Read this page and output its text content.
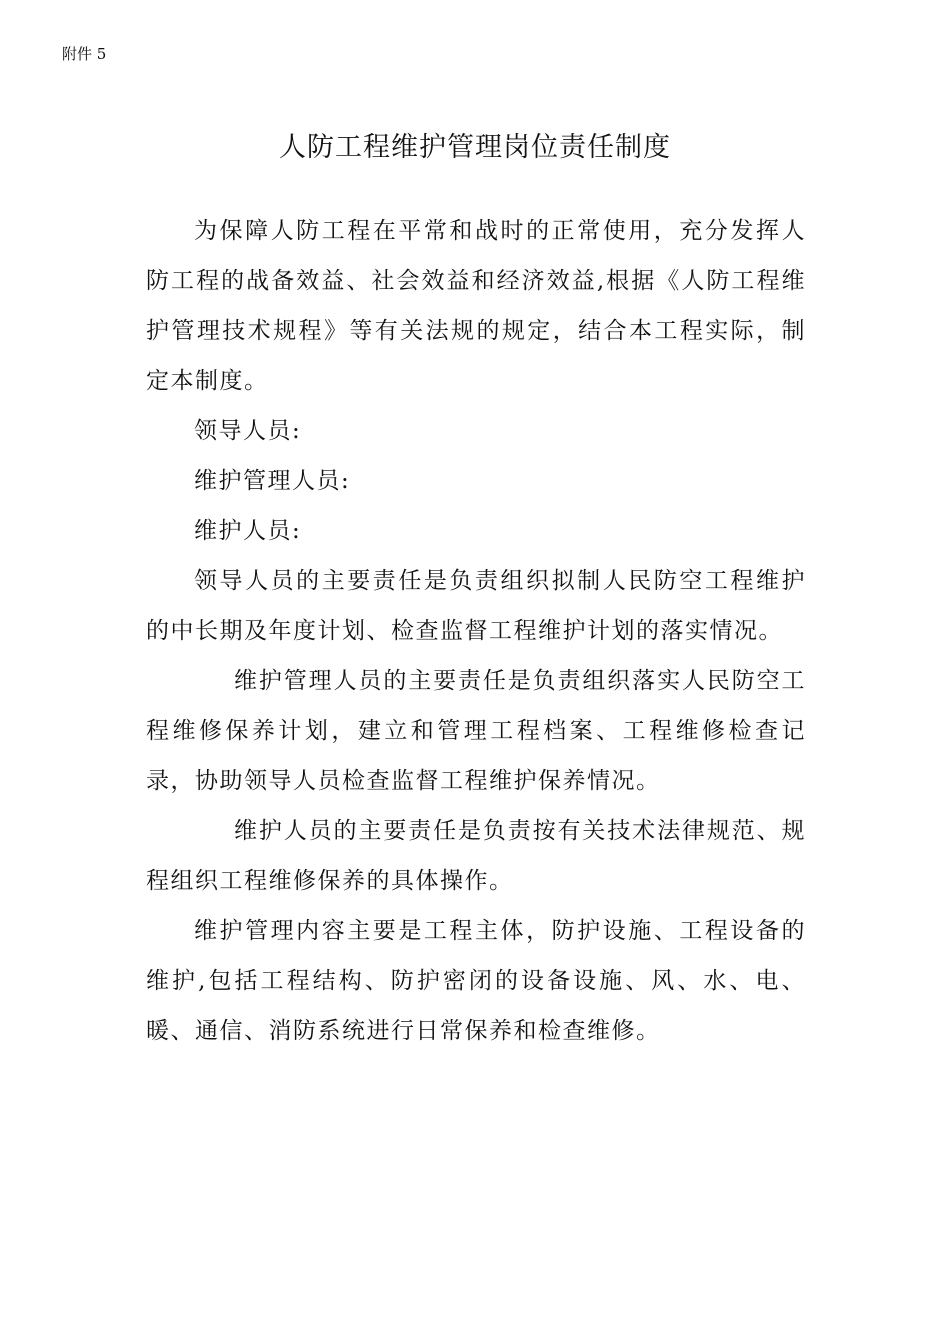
附件 5
人防工程维护管理岗位责任制度

为保障人防工程在平常和战时的正常使用，充分发挥人防工程的战备效益、社会效益和经济效益,根据《人防工程维护管理技术规程》等有关法规的规定，结合本工程实际，制定本制度。

领导人员:

维护管理人员:

维护人员:

领导人员的主要责任是负责组织拟制人民防空工程维护的中长期及年度计划、检查监督工程维护计划的落实情况。

维护管理人员的主要责任是负责组织落实人民防空工程维修保养计划，建立和管理工程档案、工程维修检查记录，协助领导人员检查监督工程维护保养情况。

维护人员的主要责任是负责按有关技术法律规范、规程组织工程维修保养的具体操作。

维护管理内容主要是工程主体，防护设施、工程设备的维护,包括工程结构、防护密闭的设备设施、风、水、电、暖、通信、消防系统进行日常保养和检查维修。
